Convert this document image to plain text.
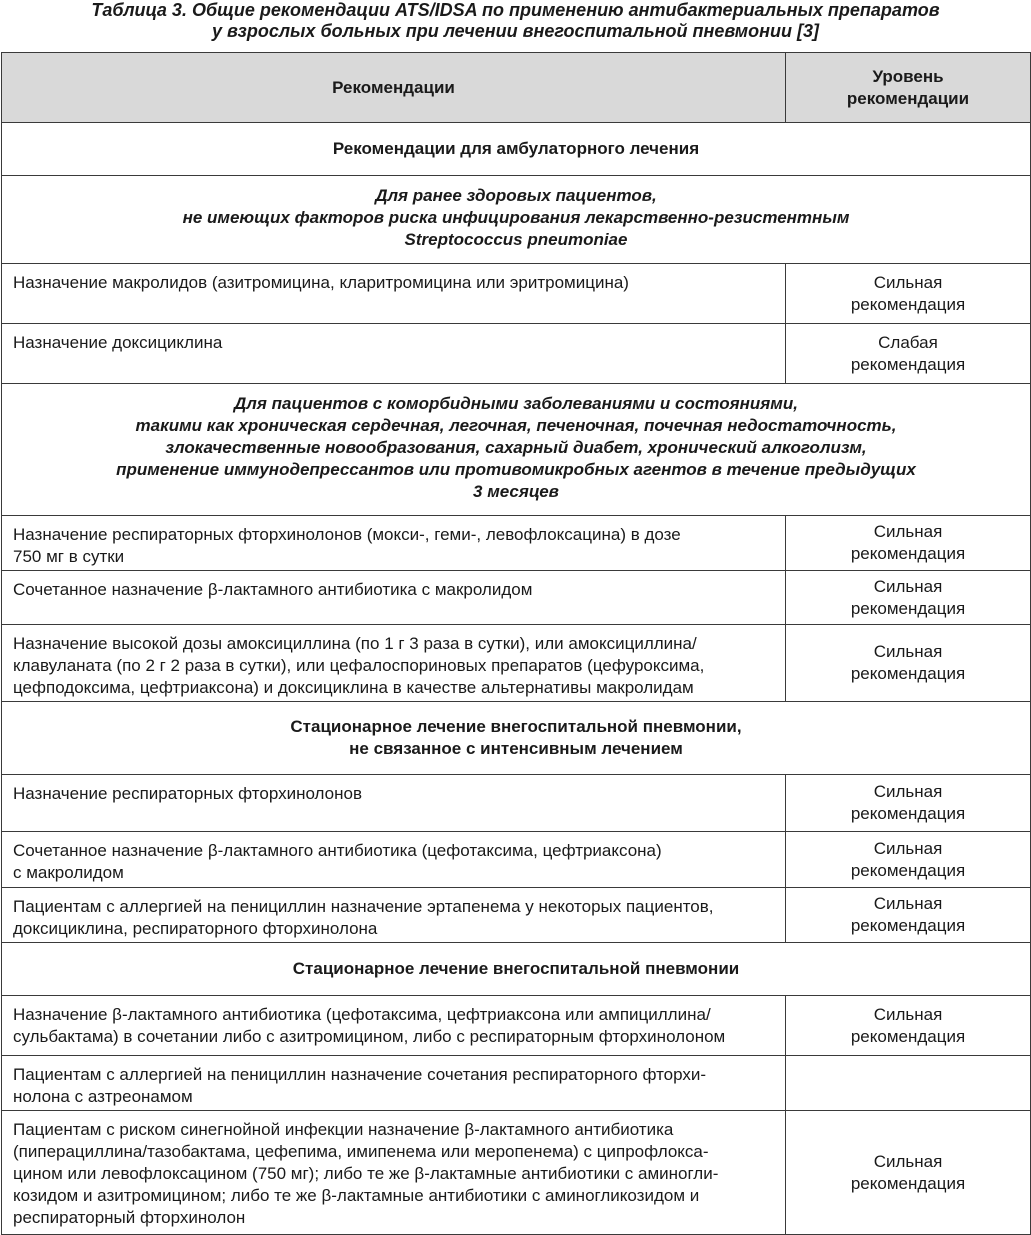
Таблица 3. Общие рекомендации ATS/IDSA по применению антибактериальных препаратов
у взрослых больных при лечении внегоспитальной пневмонии [3]
Рекомендации	Уровень
рекомендации

Рекомендации для амбулаторного лечения	

Для ранее здоровых пациентов,
не имеющих факторов риска инфицирования лекарственно-резистентным
Streptococcus pneumoniae	

Назначение макролидов (азитромицина, кларитромицина или эритромицина)	Сильная
рекомендация

Назначение доксициклина	Слабая
рекомендация

Для пациентов с коморбидными заболеваниями и состояниями,
такими как хроническая сердечная, легочная, печеночная, почечная недостаточность,
злокачественные новообразования, сахарный диабет, хронический алкоголизм,
применение иммунодепрессантов или противомикробных агентов в течение предыдущих
3 месяцев	

Назначение респираторных фторхинолонов (мокси-, геми-, левофлоксацина) в дозе
750 мг в сутки	Сильная
рекомендация

Сочетанное назначение β-лактамного антибиотика с макролидом	Сильная
рекомендация

Назначение высокой дозы амоксициллина (по 1 г 3 раза в сутки), или амоксициллина/
клавуланата (по 2 г 2 раза в сутки), или цефалоспориновых препаратов (цефуроксима,
цефподоксима, цефтриаксона) и доксициклина в качестве альтернативы макролидам	Сильная
рекомендация

Стационарное лечение внегоспитальной пневмонии,
не связанное с интенсивным лечением	

Назначение респираторных фторхинолонов	Сильная
рекомендация

Сочетанное назначение β-лактамного антибиотика (цефотаксима, цефтриаксона)
с макролидом	Сильная
рекомендация

Пациентам с аллергией на пенициллин назначение эртапенема у некоторых пациентов,
доксициклина, респираторного фторхинолона	Сильная
рекомендация

Стационарное лечение внегоспитальной пневмонии	

Назначение β-лактамного антибиотика (цефотаксима, цефтриаксона или ампициллина/
сульбактама) в сочетании либо с азитромицином, либо с респираторным фторхинолоном	Сильная
рекомендация

Пациентам с аллергией на пенициллин назначение сочетания респираторного фторхи-
нолона с азтреонамом	

Пациентам с риском синегнойной инфекции назначение β-лактамного антибиотика
(пиперациллина/тазобактама, цефепима, имипенема или меропенема) с ципрофлокса-
цином или левофлоксацином (750 мг); либо те же β-лактамные антибиотики с аминогли-
козидом и азитромицином; либо те же β-лактамные антибиотики с аминогликозидом и
респираторный фторхинолон	Сильная
рекомендация
